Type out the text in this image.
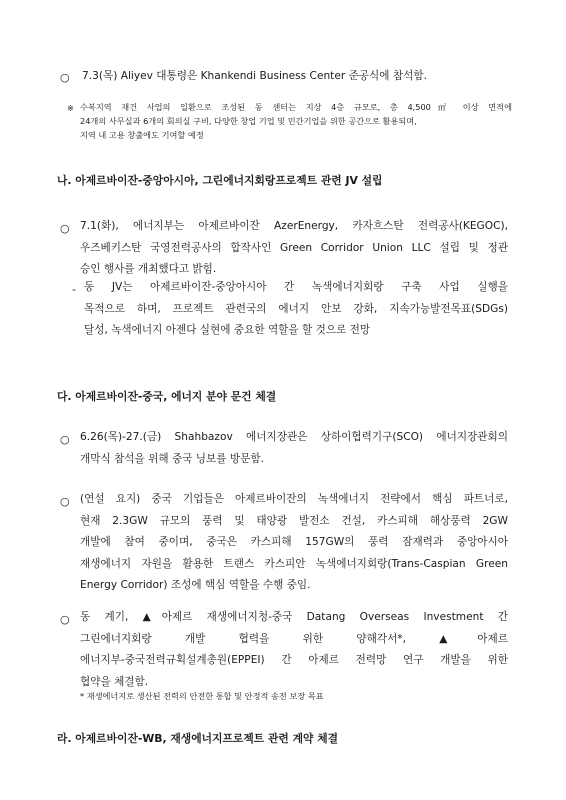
○ 7.3(목) Aliyev 대통령은 Khankendi Business Center 준공식에 참석함.
※ 수복지역 재건 사업의 일환으로 조성된 동 센터는 지상 4층 규모로, 총 4,500㎡ 이상 면적에
24개의 사무실과 6개의 회의실 구비, 다양한 창업 기업 및 민간기업을 위한 공간으로 활용되며,
지역 내 고용 창출에도 기여할 예정
나. 아제르바이잔-중앙아시아, 그린에너지회랑프로젝트 관련 JV 설립
○ 7.1(화), 에너지부는 아제르바이잔 AzerEnergy, 카자흐스탄 전력공사(KEGOC),
우즈베키스탄 국영전력공사의 합작사인 Green Corridor Union LLC 설립 및 정관
승인 행사를 개최했다고 밝힘.
- 동 JV는 아제르바이잔-중앙아시아 간 녹색에너지회랑 구축 사업 실행을
목적으로 하며, 프로젝트 관련국의 에너지 안보 강화, 지속가능발전목표(SDGs)
달성, 녹색에너지 아젠다 실현에 중요한 역할을 할 것으로 전망
다. 아제르바이잔-중국, 에너지 분야 문건 체결
○ 6.26(목)-27.(금) Shahbazov 에너지장관은 상하이협력기구(SCO) 에너지장관회의
개막식 참석을 위해 중국 닝보를 방문함.
○ (연설 요지) 중국 기업들은 아제르바이잔의 녹색에너지 전략에서 핵심 파트너로,
현재 2.3GW 규모의 풍력 및 태양광 발전소 건설, 카스피해 해상풍력 2GW
개발에 참여 중이며, 중국은 카스피해 157GW의 풍력 잠재력과 중앙아시아
재생에너지 자원을 활용한 트랜스 카스피안 녹색에너지회랑(Trans-Caspian Green
Energy Corridor) 조성에 핵심 역할을 수행 중임.
○ 동 계기, ▲아제르 재생에너지청-중국 Datang Overseas Investment 간
그린에너지회랑 개발 협력을 위한 양해각서*, ▲아제르
에너지부-중국전력규획설계총원(EPPEI) 간 아제르 전력망 연구 개발을 위한
협약을 체결함.
* 재생에너지로 생산된 전력의 안전한 통합 및 안정적 송전 보장 목표
라. 아제르바이잔-WB, 재생에너지프로젝트 관련 계약 체결
